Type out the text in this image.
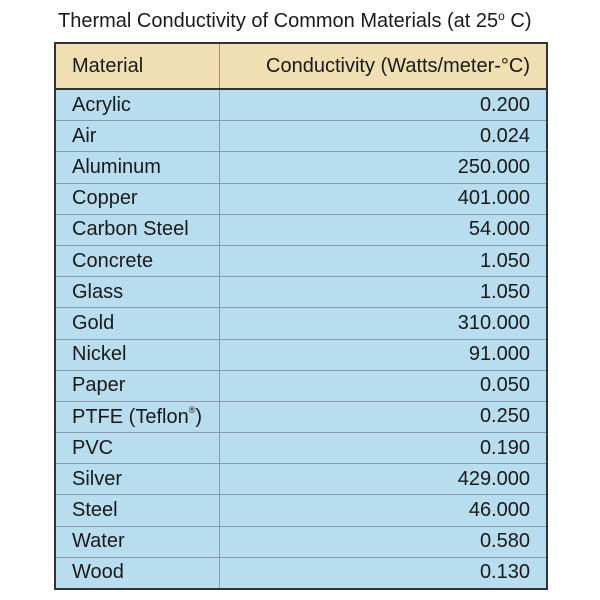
Thermal Conductivity of Common Materials (at 25$^o$ C)
Material	Conductivity (Watts/meter-°C)
Acrylic	0.200
Air	0.024
Aluminum	250.000
Copper	401.000
Carbon Steel	54.000
Concrete	1.050
Glass	1.050
Gold	310.000
Nickel	91.000
Paper	0.050
PTFE (Teflon®)	0.250
PVC	0.190
Silver	429.000
Steel	46.000
Water	0.580
Wood	0.130
